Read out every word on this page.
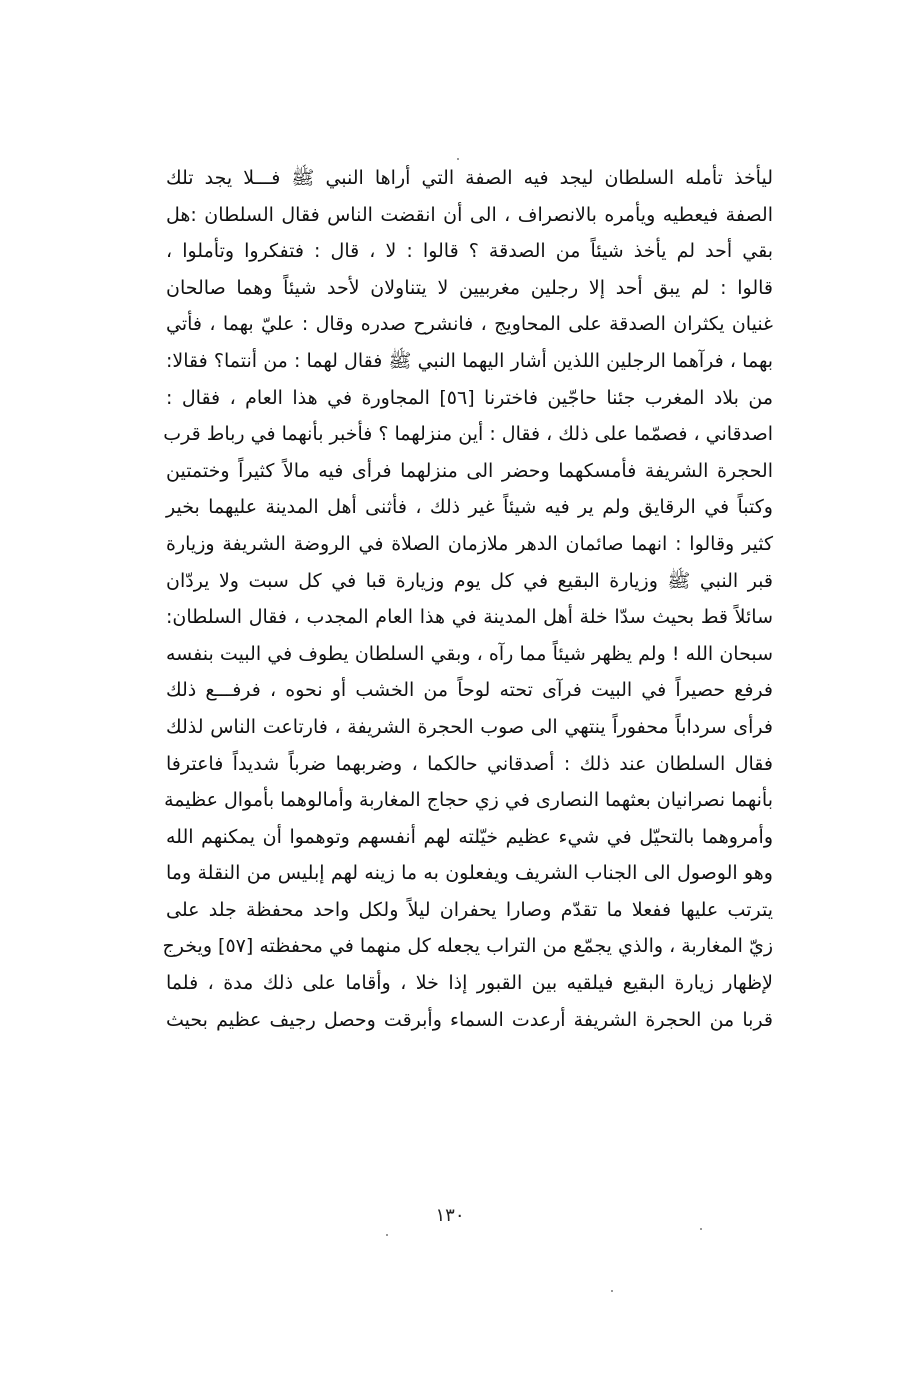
ليأخذ تأمله السلطان ليجد فيه الصفة التي أراها النبي ﷺ فـــلا يجد تلك
الصفة فيعطيه ويأمره بالانصراف ، الى أن انقضت الناس فقال السلطان :هل
بقي أحد لم يأخذ شيئاً من الصدقة ؟ قالوا : لا ، قال : فتفكروا وتأملوا ،
قالوا : لم يبق أحد إلا رجلين مغربيين لا يتناولان لأحد شيئاً وهما صالحان
غنيان يكثران الصدقة على المحاويج ، فانشرح صدره وقال : عليّ بهما ، فأتي
بهما ، فرآهما الرجلين اللذين أشار اليهما النبي ﷺ فقال لهما : من أنتما؟ فقالا:
من بلاد المغرب جئنا حاجّين فاخترنا [٥٦] المجاورة في هذا العام ، فقال :
اصدقاني ، فصمّما على ذلك ، فقال : أين منزلهما ؟ فأخبر بأنهما في رباط قرب
الحجرة الشريفة فأمسكهما وحضر الى منزلهما فرأى فيه مالاً كثيراً وختمتين
وكتباً في الرقايق ولم ير فيه شيئاً غير ذلك ، فأثنى أهل المدينة عليهما بخير
كثير وقالوا : انهما صائمان الدهر ملازمان الصلاة في الروضة الشريفة وزيارة
قبر النبي ﷺ وزيارة البقيع في كل يوم وزيارة قبا في كل سبت ولا يردّان
سائلاً قط بحيث سدّا خلة أهل المدينة في هذا العام المجدب ، فقال السلطان:
سبحان الله ! ولم يظهر شيئاً مما رآه ، وبقي السلطان يطوف في البيت بنفسه
فرفع حصيراً في البيت فرآى تحته لوحاً من الخشب أو نحوه ، فرفـــع ذلك
فرأى سرداباً محفوراً ينتهي الى صوب الحجرة الشريفة ، فارتاعت الناس لذلك
فقال السلطان عند ذلك : أصدقاني حالكما ، وضربهما ضرباً شديداً فاعترفا
بأنهما نصرانيان بعثهما النصارى في زي حجاج المغاربة وأمالوهما بأموال عظيمة
وأمروهما بالتحيّل في شيء عظيم خيّلته لهم أنفسهم وتوهموا أن يمكنهم الله
وهو الوصول الى الجناب الشريف ويفعلون به ما زينه لهم إبليس من النقلة وما
يترتب عليها ففعلا ما تقدّم وصارا يحفران ليلاً ولكل واحد محفظة جلد على
زيّ المغاربة ، والذي يجمّع من التراب يجعله كل منهما في محفظته [٥٧] ويخرج
لإظهار زيارة البقيع فيلقيه بين القبور إذا خلا ، وأقاما على ذلك مدة ، فلما
قربا من الحجرة الشريفة أرعدت السماء وأبرقت وحصل رجيف عظيم بحيث
١٣٠
